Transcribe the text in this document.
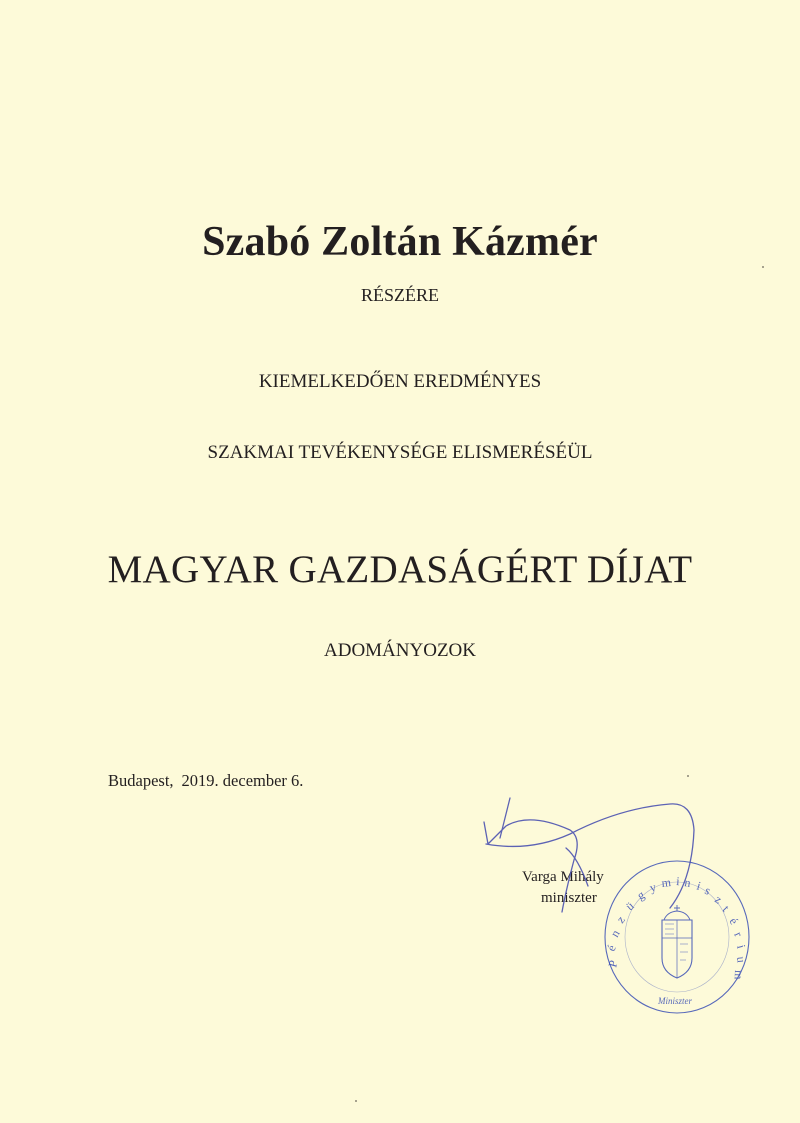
Szabó Zoltán Kázmér
RÉSZÉRE
KIEMELKEDŐEN EREDMÉNYES
SZAKMAI TEVÉKENYSÉGE ELISMERÉSÉÜL
MAGYAR GAZDASÁGÉRT DÍJAT
ADOMÁNYOZOK
Budapest, 2019. december 6.
P
é
n
z
ü
g
y m i n i s
z
t
é
r
i
u
m
Miniszter
Varga Mihály
miniszter
